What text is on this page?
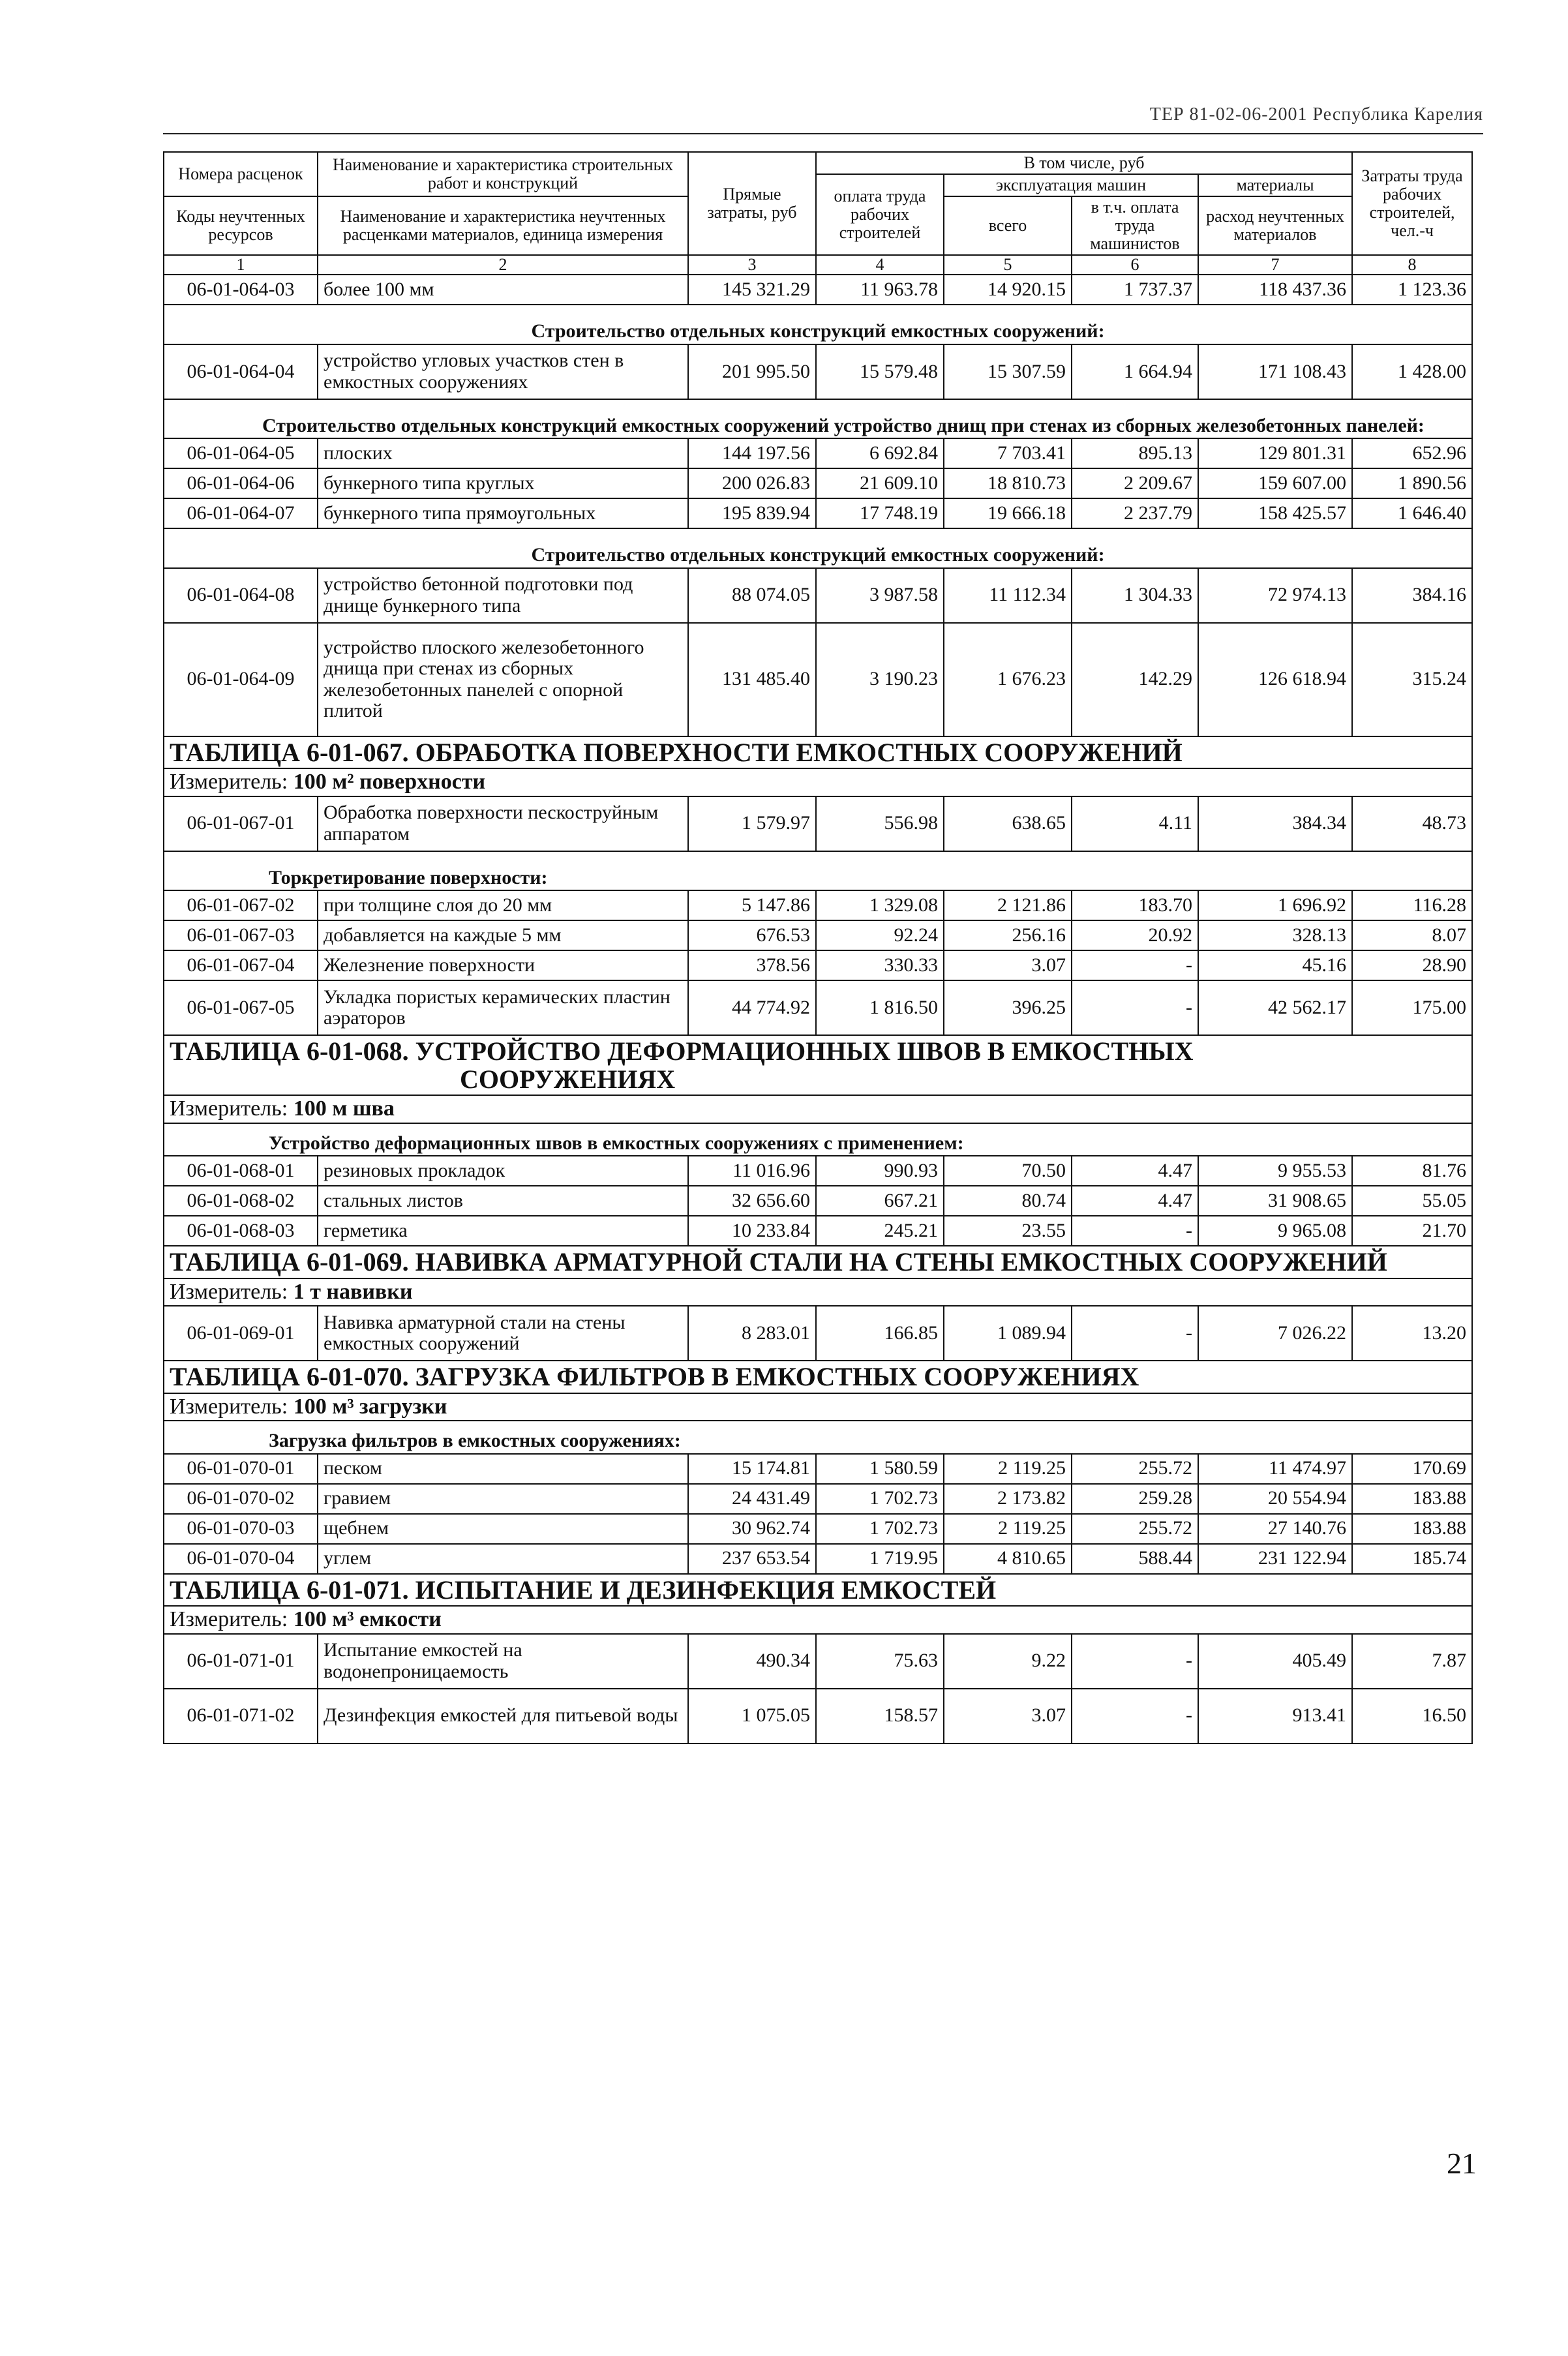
ТЕР 81-02-06-2001 Республика Карелия
Номера расценок	Наименование и характеристика строительных работ и конструкций	Прямые затраты, руб	В том числе, руб				Затраты труда рабочих строителей, чел.-ч
			оплата труда рабочих строителей	эксплуатация машин		материалы	
Коды неучтенных ресурсов	Наименование и характеристика неучтенных расценками материалов, единица измерения			всего	в т.ч. оплата труда машинистов	расход неучтенных материалов	

1	2	3	4	5	6	7	8
06-01-064-03	более 100 мм	145 321.29	11 963.78	14 920.15	1 737.37	118 437.36	1 123.36
Строительство отдельных конструкций емкостных сооружений:							
06-01-064-04	устройство угловых участков стен в емкостных сооружениях	201 995.50	15 579.48	15 307.59	1 664.94	171 108.43	1 428.00
Строительство отдельных конструкций емкостных сооружений устройство днищ при стенах из сборных железобетонных панелей:							
06-01-064-05	плоских	144 197.56	6 692.84	7 703.41	895.13	129 801.31	652.96
06-01-064-06	бункерного типа круглых	200 026.83	21 609.10	18 810.73	2 209.67	159 607.00	1 890.56
06-01-064-07	бункерного типа прямоугольных	195 839.94	17 748.19	19 666.18	2 237.79	158 425.57	1 646.40
Строительство отдельных конструкций емкостных сооружений:							
06-01-064-08	устройство бетонной подготовки под днище бункерного типа	88 074.05	3 987.58	11 112.34	1 304.33	72 974.13	384.16
06-01-064-09	устройство плоского железобетонного днища при стенах из сборных железобетонных панелей с опорной плитой	131 485.40	3 190.23	1 676.23	142.29	126 618.94	315.24
ТАБЛИЦА 6-01-067. ОБРАБОТКА ПОВЕРХНОСТИ ЕМКОСТНЫХ СООРУЖЕНИЙ							
Измеритель: 100 м² поверхности							
06-01-067-01	Обработка поверхности пескоструйным аппаратом	1 579.97	556.98	638.65	4.11	384.34	48.73
Торкретирование поверхности:							
06-01-067-02	при толщине слоя до 20 мм	5 147.86	1 329.08	2 121.86	183.70	1 696.92	116.28
06-01-067-03	добавляется на каждые 5 мм	676.53	92.24	256.16	20.92	328.13	8.07
06-01-067-04	Железнение поверхности	378.56	330.33	3.07	-	45.16	28.90
06-01-067-05	Укладка пористых керамических пластин аэраторов	44 774.92	1 816.50	396.25	-	42 562.17	175.00
ТАБЛИЦА 6-01-068. УСТРОЙСТВО ДЕФОРМАЦИОННЫХ ШВОВ В ЕМКОСТНЫХ
СООРУЖЕНИЯХ							

Измеритель: 100 м шва							
Устройство деформационных швов в емкостных сооружениях с применением:							
06-01-068-01	резиновых прокладок	11 016.96	990.93	70.50	4.47	9 955.53	81.76
06-01-068-02	стальных листов	32 656.60	667.21	80.74	4.47	31 908.65	55.05
06-01-068-03	герметика	10 233.84	245.21	23.55	-	9 965.08	21.70
ТАБЛИЦА 6-01-069. НАВИВКА АРМАТУРНОЙ СТАЛИ НА СТЕНЫ ЕМКОСТНЫХ СООРУЖЕНИЙ							
Измеритель: 1 т навивки							
06-01-069-01	Навивка арматурной стали на стены емкостных сооружений	8 283.01	166.85	1 089.94	-	7 026.22	13.20
ТАБЛИЦА 6-01-070. ЗАГРУЗКА ФИЛЬТРОВ В ЕМКОСТНЫХ СООРУЖЕНИЯХ							
Измеритель: 100 м³ загрузки							
Загрузка фильтров в емкостных сооружениях:							
06-01-070-01	песком	15 174.81	1 580.59	2 119.25	255.72	11 474.97	170.69
06-01-070-02	гравием	24 431.49	1 702.73	2 173.82	259.28	20 554.94	183.88
06-01-070-03	щебнем	30 962.74	1 702.73	2 119.25	255.72	27 140.76	183.88
06-01-070-04	углем	237 653.54	1 719.95	4 810.65	588.44	231 122.94	185.74
ТАБЛИЦА 6-01-071. ИСПЫТАНИЕ И ДЕЗИНФЕКЦИЯ ЕМКОСТЕЙ							
Измеритель: 100 м³ емкости							
06-01-071-01	Испытание емкостей на водонепроницаемость	490.34	75.63	9.22	-	405.49	7.87
06-01-071-02	Дезинфекция емкостей для питьевой воды	1 075.05	158.57	3.07	-	913.41	16.50
21
